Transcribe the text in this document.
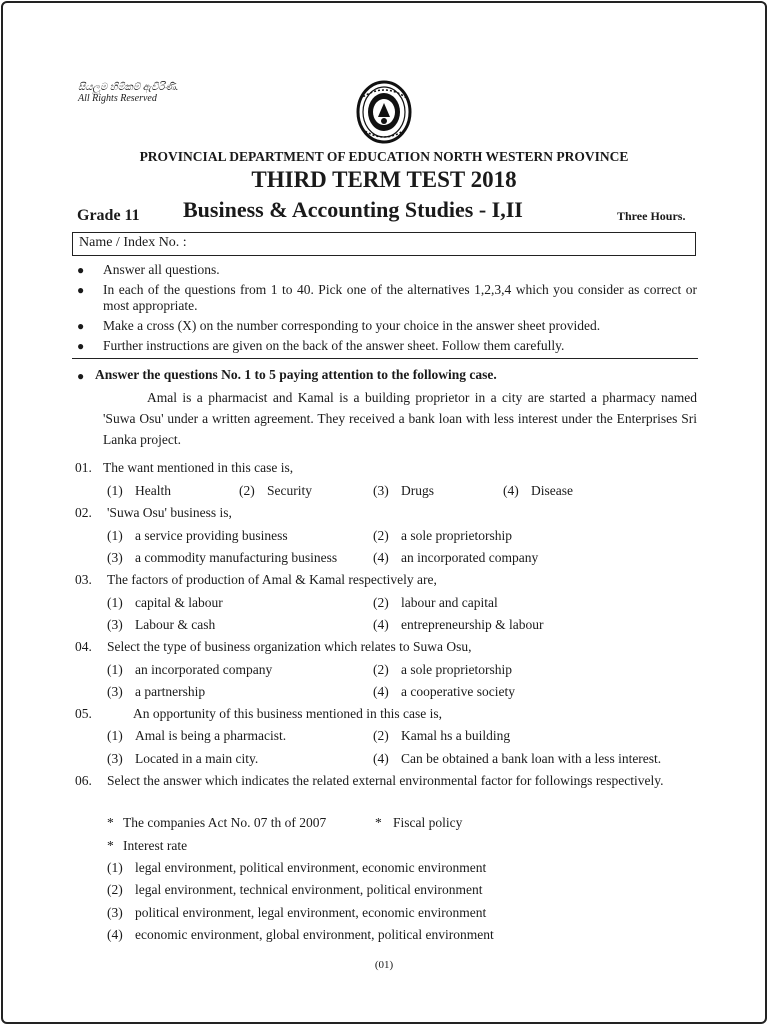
සියලුම හිමිකම් ඇවිරිණි.
All Rights Reserved
PROVINCIAL DEPARTMENT OF EDUCATION NORTH WESTERN PROVINCE
THIRD TERM TEST 2018
Grade 11 Business & Accounting Studies - I,II	Three Hours.
Name / Index No. :
● Answer all questions.
● In each of the questions from 1 to 40. Pick one of the alternatives 1,2,3,4 which you consider as correct or most appropriate.
● Make a cross (X) on the number corresponding to your choice in the answer sheet provided.
● Further instructions are given on the back of the answer sheet. Follow them carefully.
● Answer the questions No. 1 to 5 paying attention to the following case.
Amal is a pharmacist and Kamal is a building proprietor in a city are started a pharmacy named 'Suwa Osu' under a written agreement. They received a bank loan with less interest under the Enterprises Sri Lanka project.
01. The want mentioned in this case is,
(1) Health	(2) Security	(3) Drugs	(4) Disease
02. 'Suwa Osu' business is,
(1) a service providing business	(2) a sole proprietorship
(3) a commodity manufacturing business	(4) an incorporated company
03. The factors of production of Amal & Kamal respectively are,
(1) capital & labour	(2) labour and capital
(3) Labour & cash	(4) entrepreneurship & labour
04. Select the type of business organization which relates to Suwa Osu,
(1) an incorporated company	(2) a sole proprietorship
(3) a partnership	(4) a cooperative society
05.	An opportunity of this business mentioned in this case is,
(1) Amal is being a pharmacist.	(2) Kamal hs a building
(3) Located in a main city.	(4) Can be obtained a bank loan with a less interest.
06. Select the answer which indicates the related external environmental factor for followings respectively.
* The companies Act No. 07 th of 2007	* Fiscal policy
* Interest rate
(1) legal environment, political environment, economic environment
(2) legal environment, technical environment, political environment
(3) political environment, legal environment, economic environment
(4) economic environment, global environment, political environment
(01)
